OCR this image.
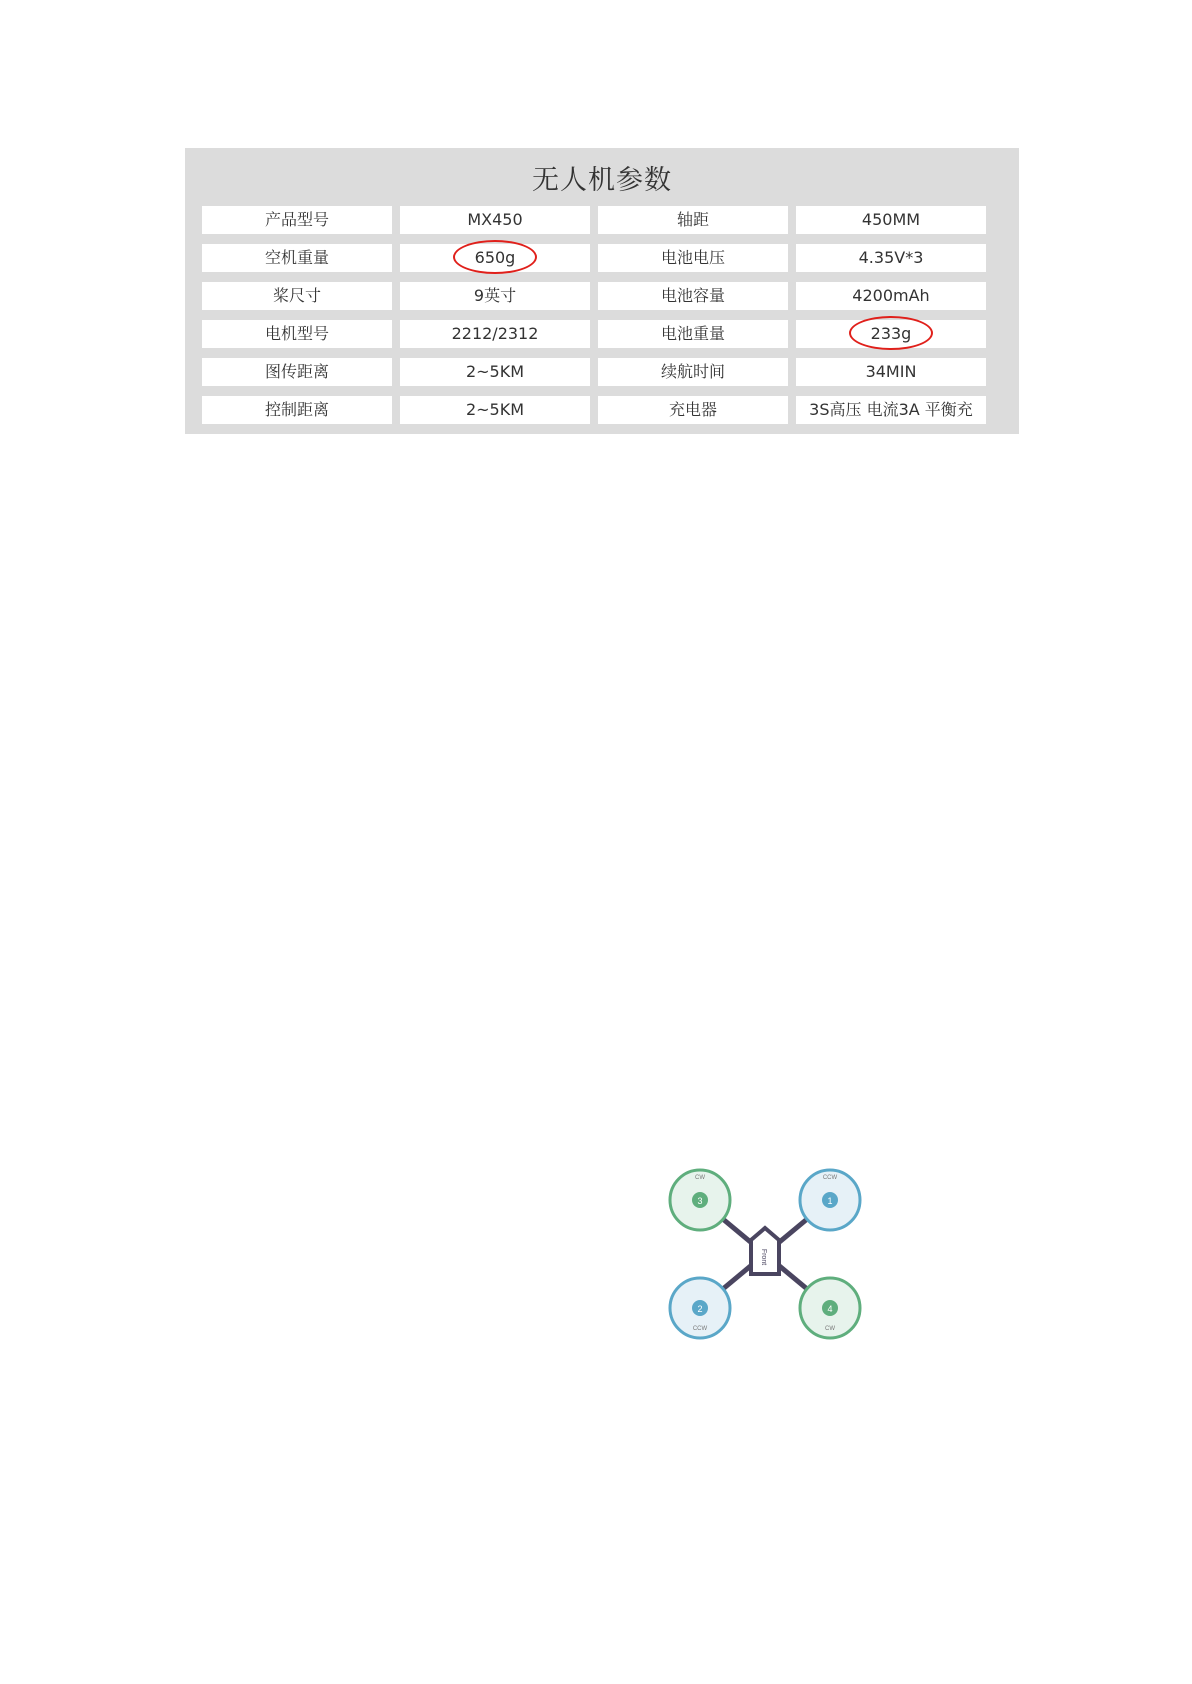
无人机参数
产品型号	MX450	轴距	450MM
空机重量	650g	电池电压	4.35V*3
桨尺寸	9英寸	电池容量	4200mAh
电机型号	2212/2312	电池重量	233g
图传距离	2~5KM	续航时间	34MIN
控制距离	2~5KM	充电器	3S高压 电流3A 平衡充
3
CW
1
CCW
2
CCW
4
CW
Front
